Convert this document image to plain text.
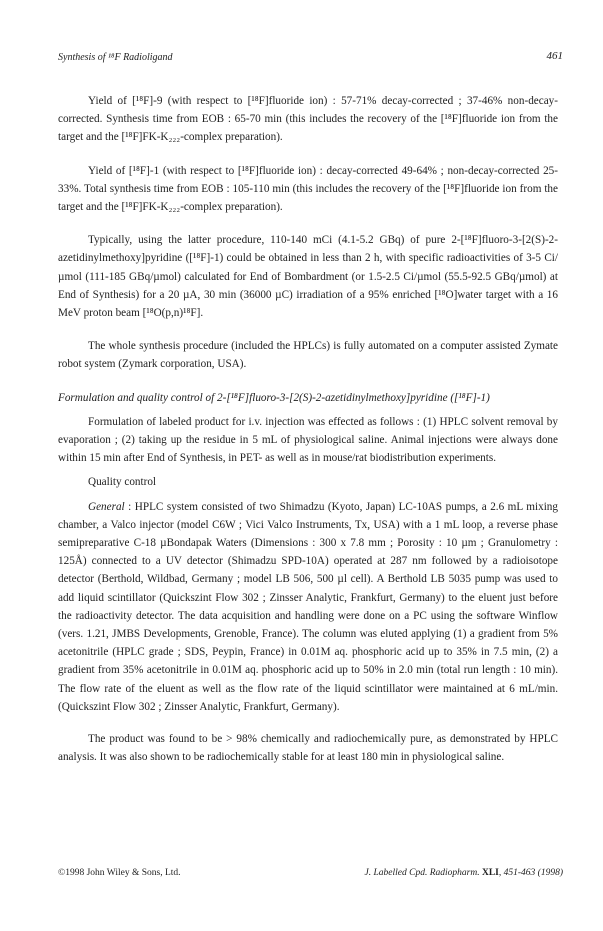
Synthesis of ¹⁸F Radioligand	461

Yield of [¹⁸F]-9 (with respect to [¹⁸F]fluoride ion) : 57-71% decay-corrected ; 37-46% non-decay-corrected. Synthesis time from EOB : 65-70 min (this includes the recovery of the [¹⁸F]fluoride ion from the target and the [¹⁸F]FK-K₂₂₂-complex preparation).

Yield of [¹⁸F]-1 (with respect to [¹⁸F]fluoride ion) : decay-corrected 49-64% ; non-decay-corrected 25-33%. Total synthesis time from EOB : 105-110 min (this includes the recovery of the [¹⁸F]fluoride ion from the target and the [¹⁸F]FK-K₂₂₂-complex preparation).

Typically, using the latter procedure, 110-140 mCi (4.1-5.2 GBq) of pure 2-[¹⁸F]fluoro-3-[2(S)-2-azetidinylmethoxy]pyridine ([¹⁸F]-1) could be obtained in less than 2 h, with specific radioactivities of 3-5 Ci/µmol (111-185 GBq/µmol) calculated for End of Bombardment (or 1.5-2.5 Ci/µmol (55.5-92.5 GBq/µmol) at End of Synthesis) for a 20 µA, 30 min (36000 µC) irradiation of a 95% enriched [¹⁸O]water target with a 16 MeV proton beam [¹⁸O(p,n)¹⁸F].

The whole synthesis procedure (included the HPLCs) is fully automated on a computer assisted Zymate robot system (Zymark corporation, USA).

Formulation and quality control of 2-[¹⁸F]fluoro-3-[2(S)-2-azetidinylmethoxy]pyridine ([¹⁸F]-1)

Formulation of labeled product for i.v. injection was effected as follows : (1) HPLC solvent removal by evaporation ; (2) taking up the residue in 5 mL of physiological saline. Animal injections were always done within 15 min after End of Synthesis, in PET- as well as in mouse/rat biodistribution experiments.

Quality control

General : HPLC system consisted of two Shimadzu (Kyoto, Japan) LC-10AS pumps, a 2.6 mL mixing chamber, a Valco injector (model C6W ; Vici Valco Instruments, Tx, USA) with a 1 mL loop, a reverse phase semipreparative C-18 µBondapak Waters (Dimensions : 300 x 7.8 mm ; Porosity : 10 µm ; Granulometry : 125Å) connected to a UV detector (Shimadzu SPD-10A) operated at 287 nm followed by a radioisotope detector (Berthold, Wildbad, Germany ; model LB 506, 500 µl cell). A Berthold LB 5035 pump was used to add liquid scintillator (Quickszint Flow 302 ; Zinsser Analytic, Frankfurt, Germany) to the eluent just before the radioactivity detector. The data acquisition and handling were done on a PC using the software Winflow (vers. 1.21, JMBS Developments, Grenoble, France). The column was eluted applying (1) a gradient from 5% acetonitrile (HPLC grade ; SDS, Peypin, France) in 0.01M aq. phosphoric acid up to 35% in 7.5 min, (2) a gradient from 35% acetonitrile in 0.01M aq. phosphoric acid up to 50% in 2.0 min (total run length : 10 min). The flow rate of the eluent as well as the flow rate of the liquid scintillator were maintained at 6 mL/min. (Quickszint Flow 302 ; Zinsser Analytic, Frankfurt, Germany).

The product was found to be > 98% chemically and radiochemically pure, as demonstrated by HPLC analysis. It was also shown to be radiochemically stable for at least 180 min in physiological saline.

©1998 John Wiley & Sons, Ltd.	J. Labelled Cpd. Radiopharm. XLI, 451-463 (1998)
